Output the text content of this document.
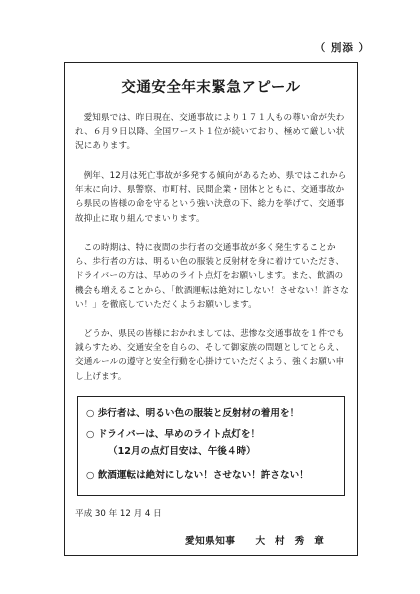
（ 別添 ）
交通安全年末緊急アピール

愛知県では、昨日現在、交通事故により１７１人もの尊い命が失われ、６月９日以降、全国ワースト１位が続いており、極めて厳しい状況にあります。

例年、12月は死亡事故が多発する傾向があるため、県ではこれから年末に向け、県警察、市町村、民間企業・団体とともに、交通事故から県民の皆様の命を守るという強い決意の下、総力を挙げて、交通事故抑止に取り組んでまいります。

この時期は、特に夜間の歩行者の交通事故が多く発生することから、歩行者の方は、明るい色の服装と反射材を身に着けていただき、ドライバーの方は、早めのライト点灯をお願いします。また、飲酒の機会も増えることから、「飲酒運転は絶対にしない！させない！許さない！」を徹底していただくようお願いします。

どうか、県民の皆様におかれましては、悲惨な交通事故を１件でも減らすため、交通安全を自らの、そして御家族の問題としてとらえ、交通ルールの遵守と安全行動を心掛けていただくよう、強くお願い申し上げます。

○ 歩行者は、明るい色の服装と反射材の着用を！
○ ドライバーは、早めのライト点灯を！
（12月の点灯目安は、午後４時）
○ 飲酒運転は絶対にしない！させない！許さない！
平成 30 年 12 月 4 日
愛知県知事 大村秀章
